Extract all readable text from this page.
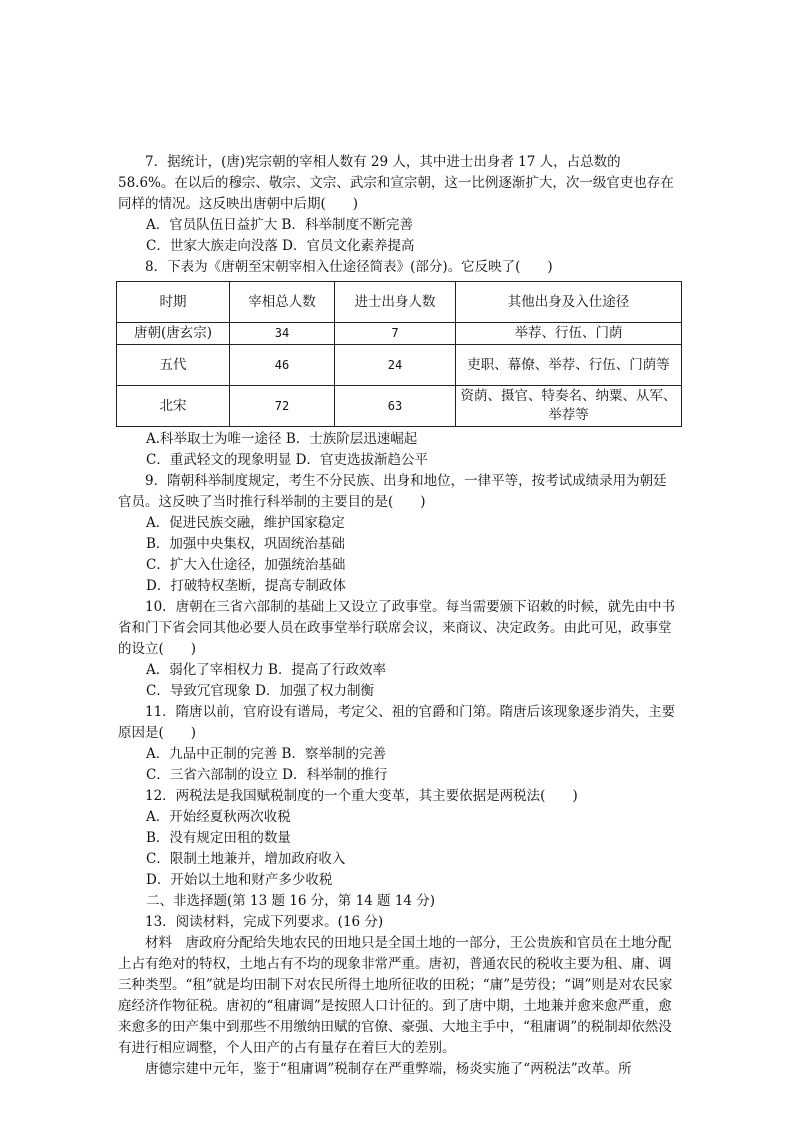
7．据统计，(唐)宪宗朝的宰相人数有 29 人，其中进士出身者 17 人，占总数的 58.6%。在以后的穆宗、敬宗、文宗、武宗和宣宗朝，这一比例逐渐扩大，次一级官吏也存在同样的情况。这反映出唐朝中后期(　　)

A．官员队伍日益扩大 B．科举制度不断完善

C．世家大族走向没落 D．官员文化素养提高

8．下表为《唐朝至宋朝宰相入仕途径简表》(部分)。它反映了(　　)

时期	宰相总人数	进士出身人数	其他出身及入仕途径
唐朝(唐玄宗)	34	7	举荐、行伍、门荫
五代	46	24	吏职、幕僚、举荐、行伍、门荫等
北宋	72	63	资荫、摄官、特奏名、纳粟、从军、举荐等

A.科举取士为唯一途径 B．士族阶层迅速崛起

C．重武轻文的现象明显 D．官吏选拔渐趋公平

9．隋朝科举制度规定，考生不分民族、出身和地位，一律平等，按考试成绩录用为朝廷官员。这反映了当时推行科举制的主要目的是(　　)

A．促进民族交融，维护国家稳定

B．加强中央集权，巩固统治基础

C．扩大入仕途径，加强统治基础

D．打破特权垄断，提高专制政体

10．唐朝在三省六部制的基础上又设立了政事堂。每当需要颁下诏敕的时候，就先由中书省和门下省会同其他必要人员在政事堂举行联席会议，来商议、决定政务。由此可见，政事堂的设立(　　)

A．弱化了宰相权力 B．提高了行政效率

C．导致冗官现象 D．加强了权力制衡

11．隋唐以前，官府设有谱局，考定父、祖的官爵和门第。隋唐后该现象逐步消失，主要原因是(　　)

A．九品中正制的完善 B．察举制的完善

C．三省六部制的设立 D．科举制的推行

12．两税法是我国赋税制度的一个重大变革，其主要依据是两税法(　　)

A．开始经夏秋两次收税

B．没有规定田租的数量

C．限制土地兼并，增加政府收入

D．开始以土地和财产多少收税

二、非选择题(第 13 题 16 分，第 14 题 14 分)

13．阅读材料，完成下列要求。(16 分)

材料　唐政府分配给失地农民的田地只是全国土地的一部分，王公贵族和官员在土地分配上占有绝对的特权，土地占有不均的现象非常严重。唐初，普通农民的税收主要为租、庸、调三种类型。“租”就是均田制下对农民所得土地所征收的田税；“庸”是劳役；“调”则是对农民家庭经济作物征税。唐初的“租庸调”是按照人口计征的。到了唐中期，土地兼并愈来愈严重，愈来愈多的田产集中到那些不用缴纳田赋的官僚、豪强、大地主手中，“租庸调”的税制却依然没有进行相应调整，个人田产的占有量存在着巨大的差别。

唐德宗建中元年，鉴于“租庸调”税制存在严重弊端，杨炎实施了“两税法”改革。所
